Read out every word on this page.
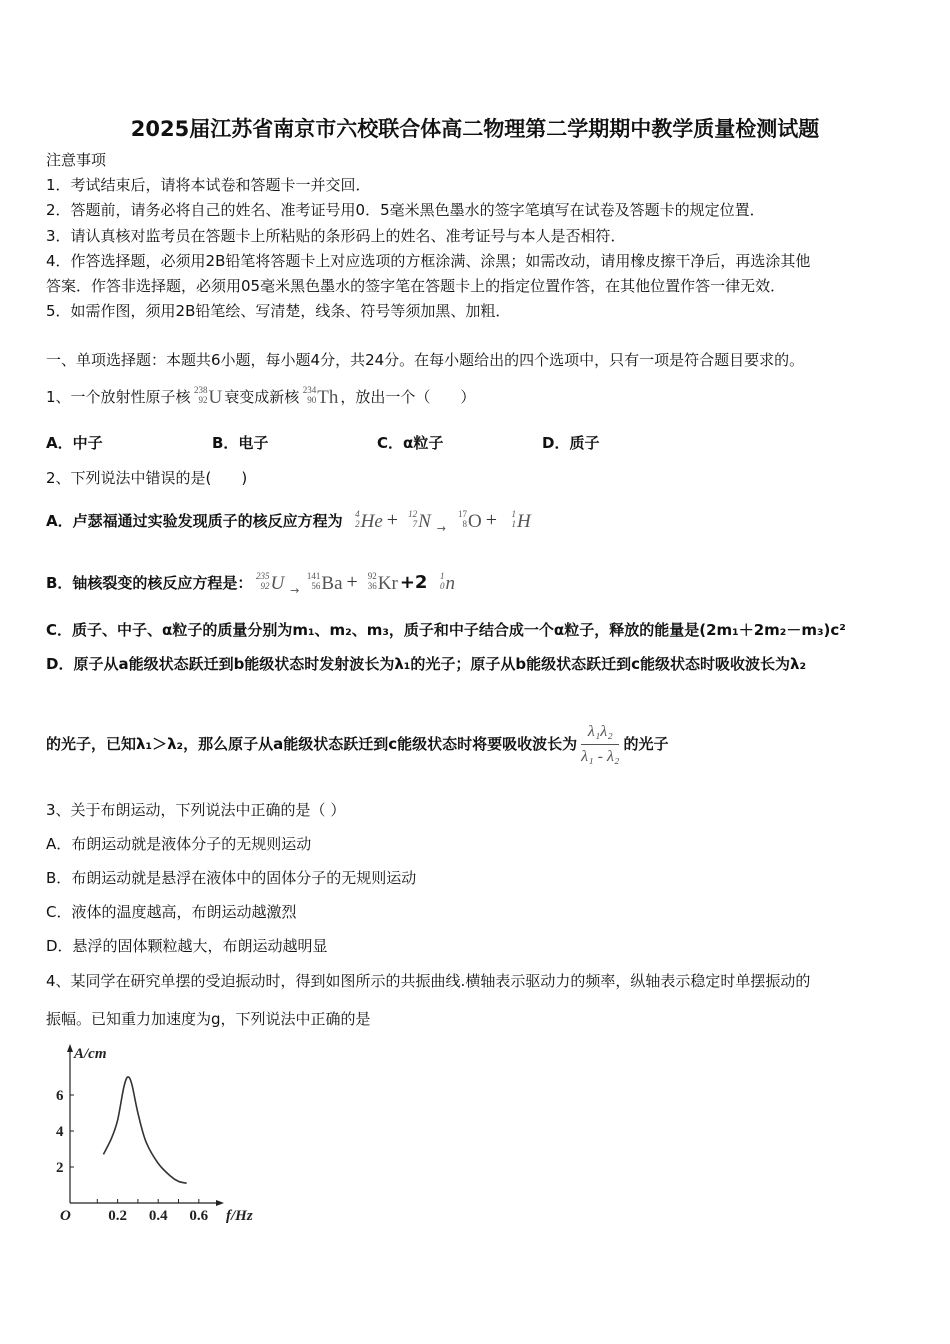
2025届江苏省南京市六校联合体高二物理第二学期期中教学质量检测试题
注意事项
1．考试结束后，请将本试卷和答题卡一并交回．
2．答题前，请务必将自己的姓名、准考证号用0．5毫米黑色墨水的签字笔填写在试卷及答题卡的规定位置．
3．请认真核对监考员在答题卡上所粘贴的条形码上的姓名、准考证号与本人是否相符．
4．作答选择题，必须用2B铅笔将答题卡上对应选项的方框涂满、涂黑；如需改动，请用橡皮擦干净后，再选涂其他
答案．作答非选择题，必须用05毫米黑色墨水的签字笔在答题卡上的指定位置作答，在其他位置作答一律无效．
5．如需作图，须用2B铅笔绘、写清楚，线条、符号等须加黑、加粗．
一、单项选择题：本题共6小题，每小题4分，共24分。在每小题给出的四个选项中，只有一项是符合题目要求的。
1、一个放射性原子核 238
92 U 衰变成新核 234
90 Th ，放出一个（　　）
A．中子	B．电子	C．α粒子	D．质子
2、下列说法中错误的是(　　)
A．卢瑟福通过实验发现质子的核反应方程为	4
2 He +	12
7 N $_\to$
17
8 O +	1
1 H
B．铀核裂变的核反应方程是： 235
92 U $_\to$
141
56 Ba +	92
36 Kr +2	1
0 n
C．质子、中子、α粒子的质量分别为m₁、m₂、m₃，质子和中子结合成一个α粒子，释放的能量是(2m₁＋2m₂－m₃)c²
D．原子从a能级状态跃迁到b能级状态时发射波长为λ₁的光子；原子从b能级状态跃迁到c能级状态时吸收波长为λ₂
的光子，已知λ₁＞λ₂，那么原子从a能级状态跃迁到c能级状态时将要吸收波长为 $\frac{\text{λ₁λ₂}}{\text{λ₁ - λ₂}}$ 的光子
3、关于布朗运动，下列说法中正确的是（ ）
A．布朗运动就是液体分子的无规则运动
B．布朗运动就是悬浮在液体中的固体分子的无规则运动
C．液体的温度越高，布朗运动越激烈
D．悬浮的固体颗粒越大，布朗运动越明显
4、某同学在研究单摆的受迫振动时，得到如图所示的共振曲线.横轴表示驱动力的频率，纵轴表示稳定时单摆振动的
振幅。已知重力加速度为g，下列说法中正确的是
A/cm
f/Hz
O 0.2 0.4 0.6
2
4
6
